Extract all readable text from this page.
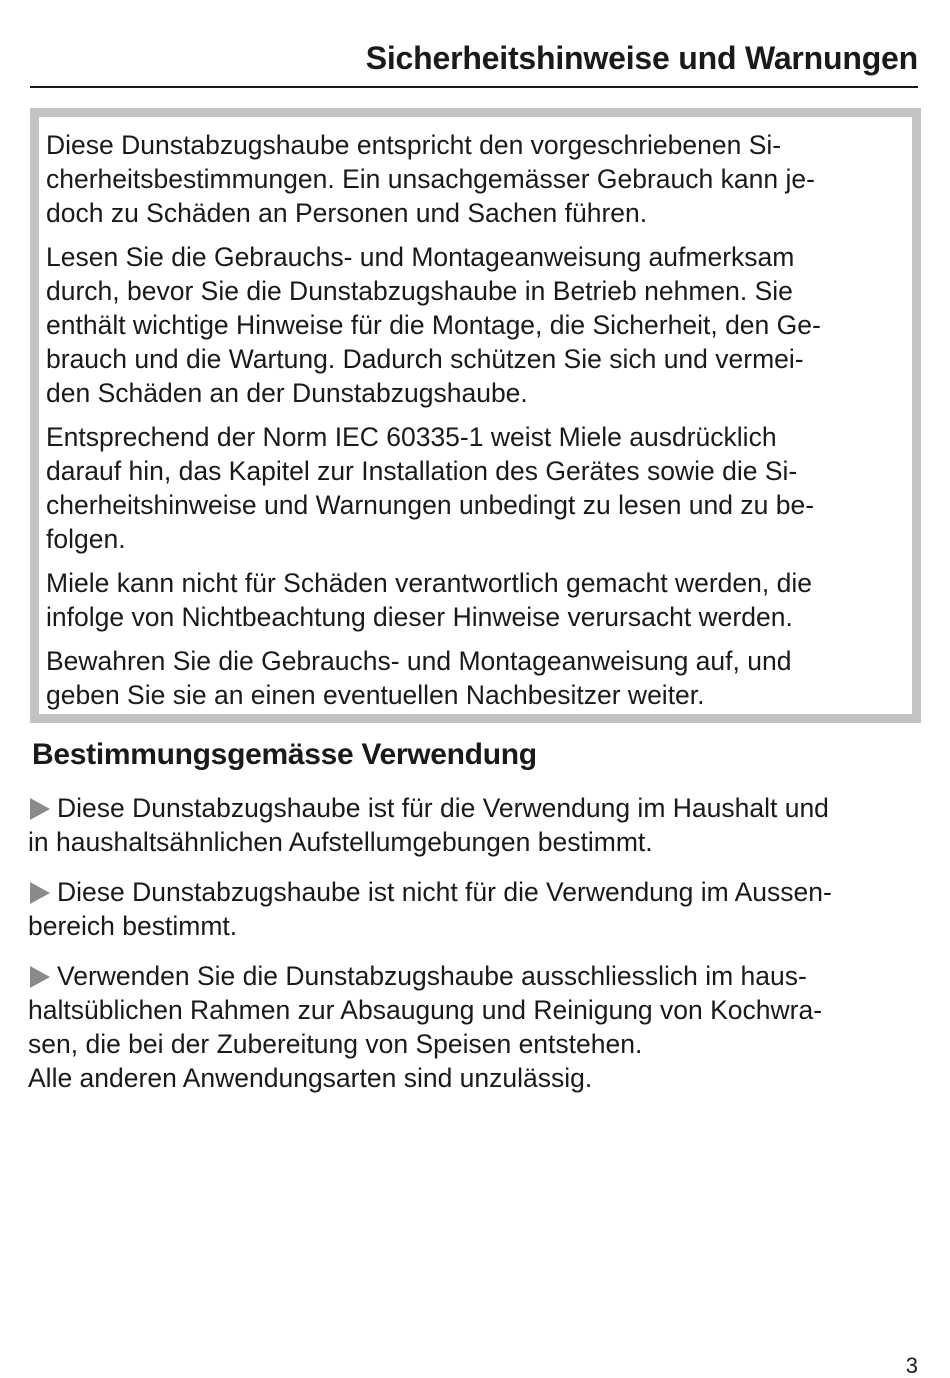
Sicherheitshinweise und Warnungen

Diese Dunstabzugshaube entspricht den vorgeschriebenen Si-
cherheitsbestimmungen. Ein unsachgemässer Gebrauch kann je-
doch zu Schäden an Personen und Sachen führen.

Lesen Sie die Gebrauchs- und Montageanweisung aufmerksam
durch, bevor Sie die Dunstabzugshaube in Betrieb nehmen. Sie
enthält wichtige Hinweise für die Montage, die Sicherheit, den Ge-
brauch und die Wartung. Dadurch schützen Sie sich und vermei-
den Schäden an der Dunstabzugshaube.

Entsprechend der Norm IEC 60335-1 weist Miele ausdrücklich
darauf hin, das Kapitel zur Installation des Gerätes sowie die Si-
cherheitshinweise und Warnungen unbedingt zu lesen und zu be-
folgen.

Miele kann nicht für Schäden verantwortlich gemacht werden, die
infolge von Nichtbeachtung dieser Hinweise verursacht werden.

Bewahren Sie die Gebrauchs- und Montageanweisung auf, und
geben Sie sie an einen eventuellen Nachbesitzer weiter.

Bestimmungsgemässe Verwendung

Diese Dunstabzugshaube ist für die Verwendung im Haushalt und
in haushaltsähnlichen Aufstellumgebungen bestimmt.

Diese Dunstabzugshaube ist nicht für die Verwendung im Aussen-
bereich bestimmt.

Verwenden Sie die Dunstabzugshaube ausschliesslich im haus-
haltsüblichen Rahmen zur Absaugung und Reinigung von Kochwra-
sen, die bei der Zubereitung von Speisen entstehen.
Alle anderen Anwendungsarten sind unzulässig.

3
